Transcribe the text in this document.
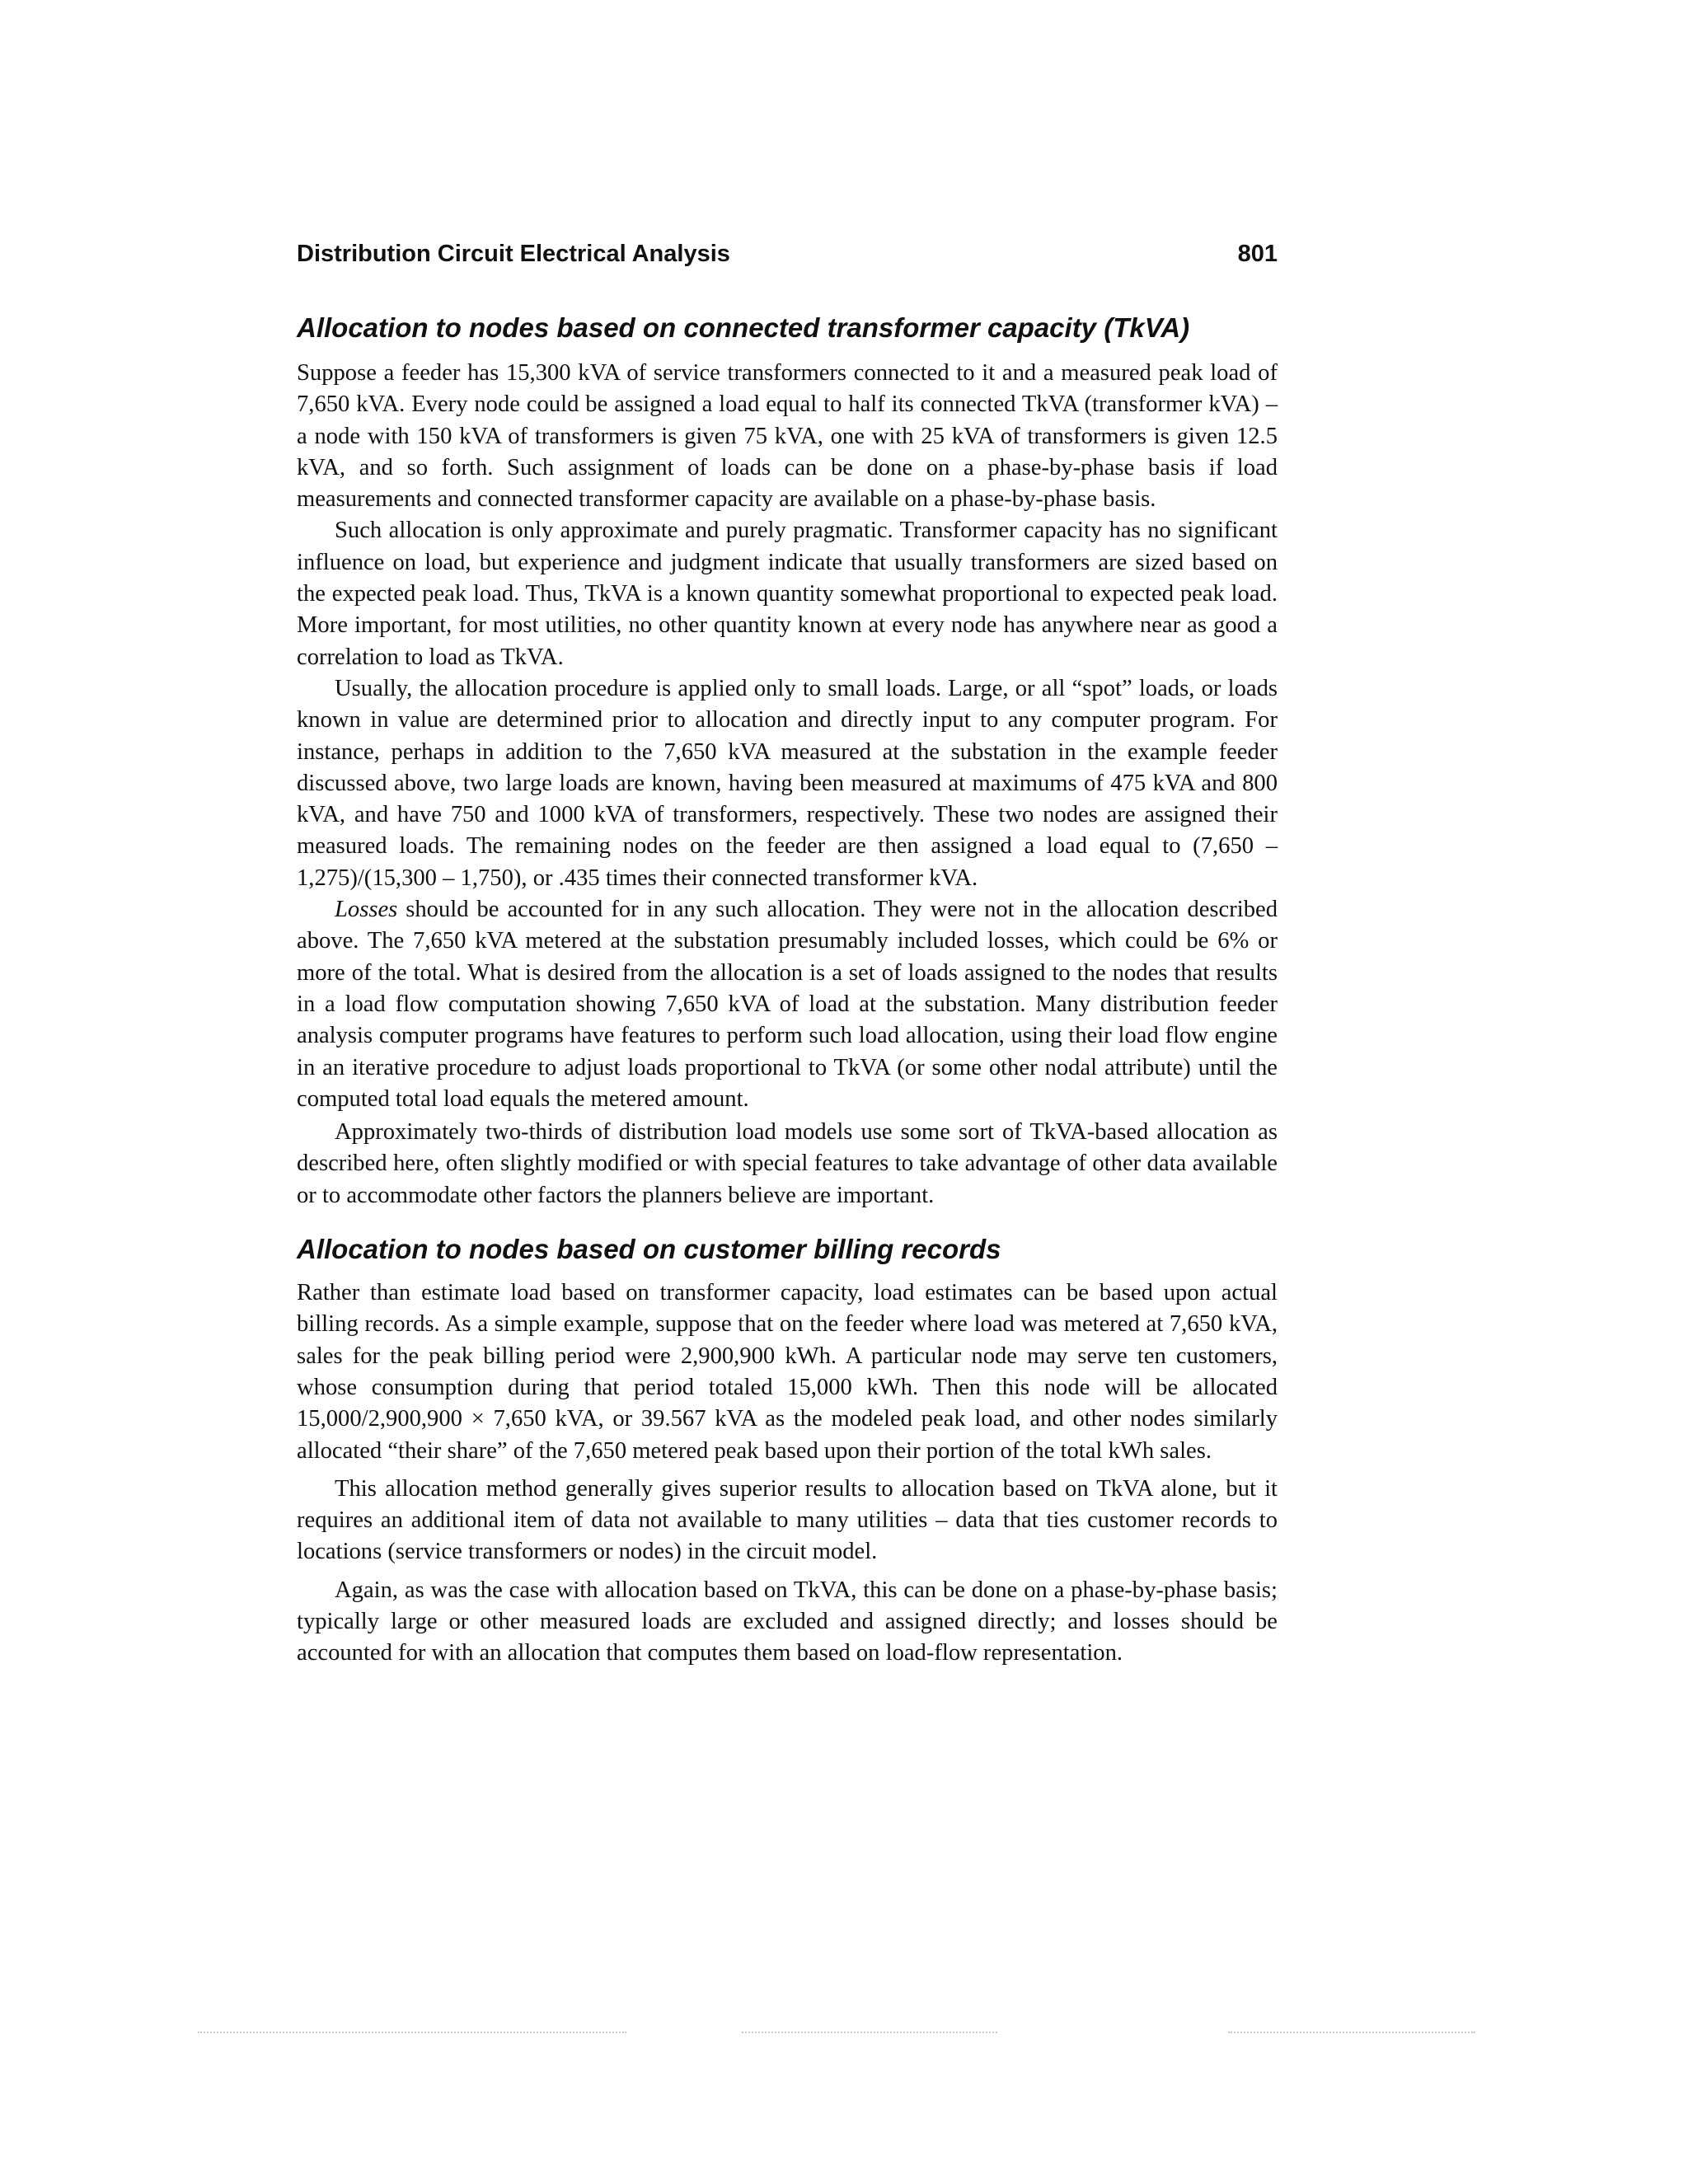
Distribution Circuit Electrical Analysis	801
Allocation to nodes based on connected transformer capacity (TkVA)

Suppose a feeder has 15,300 kVA of service transformers connected to it and a measured peak load of 7,650 kVA. Every node could be assigned a load equal to half its connected TkVA (transformer kVA) – a node with 150 kVA of transformers is given 75 kVA, one with 25 kVA of transformers is given 12.5 kVA, and so forth. Such assignment of loads can be done on a phase-by-phase basis if load measurements and connected transformer capacity are available on a phase-by-phase basis.

Such allocation is only approximate and purely pragmatic. Transformer capacity has no significant influence on load, but experience and judgment indicate that usually transformers are sized based on the expected peak load. Thus, TkVA is a known quantity somewhat proportional to expected peak load. More important, for most utilities, no other quantity known at every node has anywhere near as good a correlation to load as TkVA.

Usually, the allocation procedure is applied only to small loads. Large, or all “spot” loads, or loads known in value are determined prior to allocation and directly input to any computer program. For instance, perhaps in addition to the 7,650 kVA measured at the substation in the example feeder discussed above, two large loads are known, having been measured at maximums of 475 kVA and 800 kVA, and have 750 and 1000 kVA of transformers, respectively. These two nodes are assigned their measured loads. The remaining nodes on the feeder are then assigned a load equal to (7,650 – 1,275)/(15,300 – 1,750), or .435 times their connected transformer kVA.

Losses should be accounted for in any such allocation. They were not in the allocation described above. The 7,650 kVA metered at the substation presumably included losses, which could be 6% or more of the total. What is desired from the allocation is a set of loads assigned to the nodes that results in a load flow computation showing 7,650 kVA of load at the substation. Many distribution feeder analysis computer programs have features to perform such load allocation, using their load flow engine in an iterative procedure to adjust loads proportional to TkVA (or some other nodal attribute) until the computed total load equals the metered amount.

Approximately two-thirds of distribution load models use some sort of TkVA-based allocation as described here, often slightly modified or with special features to take advantage of other data available or to accommodate other factors the planners believe are important.

Allocation to nodes based on customer billing records

Rather than estimate load based on transformer capacity, load estimates can be based upon actual billing records. As a simple example, suppose that on the feeder where load was metered at 7,650 kVA, sales for the peak billing period were 2,900,900 kWh. A particular node may serve ten customers, whose consumption during that period totaled 15,000 kWh. Then this node will be allocated 15,000/2,900,900 × 7,650 kVA, or 39.567 kVA as the modeled peak load, and other nodes similarly allocated “their share” of the 7,650 metered peak based upon their portion of the total kWh sales.

This allocation method generally gives superior results to allocation based on TkVA alone, but it requires an additional item of data not available to many utilities – data that ties customer records to locations (service transformers or nodes) in the circuit model.

Again, as was the case with allocation based on TkVA, this can be done on a phase-by-phase basis; typically large or other measured loads are excluded and assigned directly; and losses should be accounted for with an allocation that computes them based on load-flow representation.
